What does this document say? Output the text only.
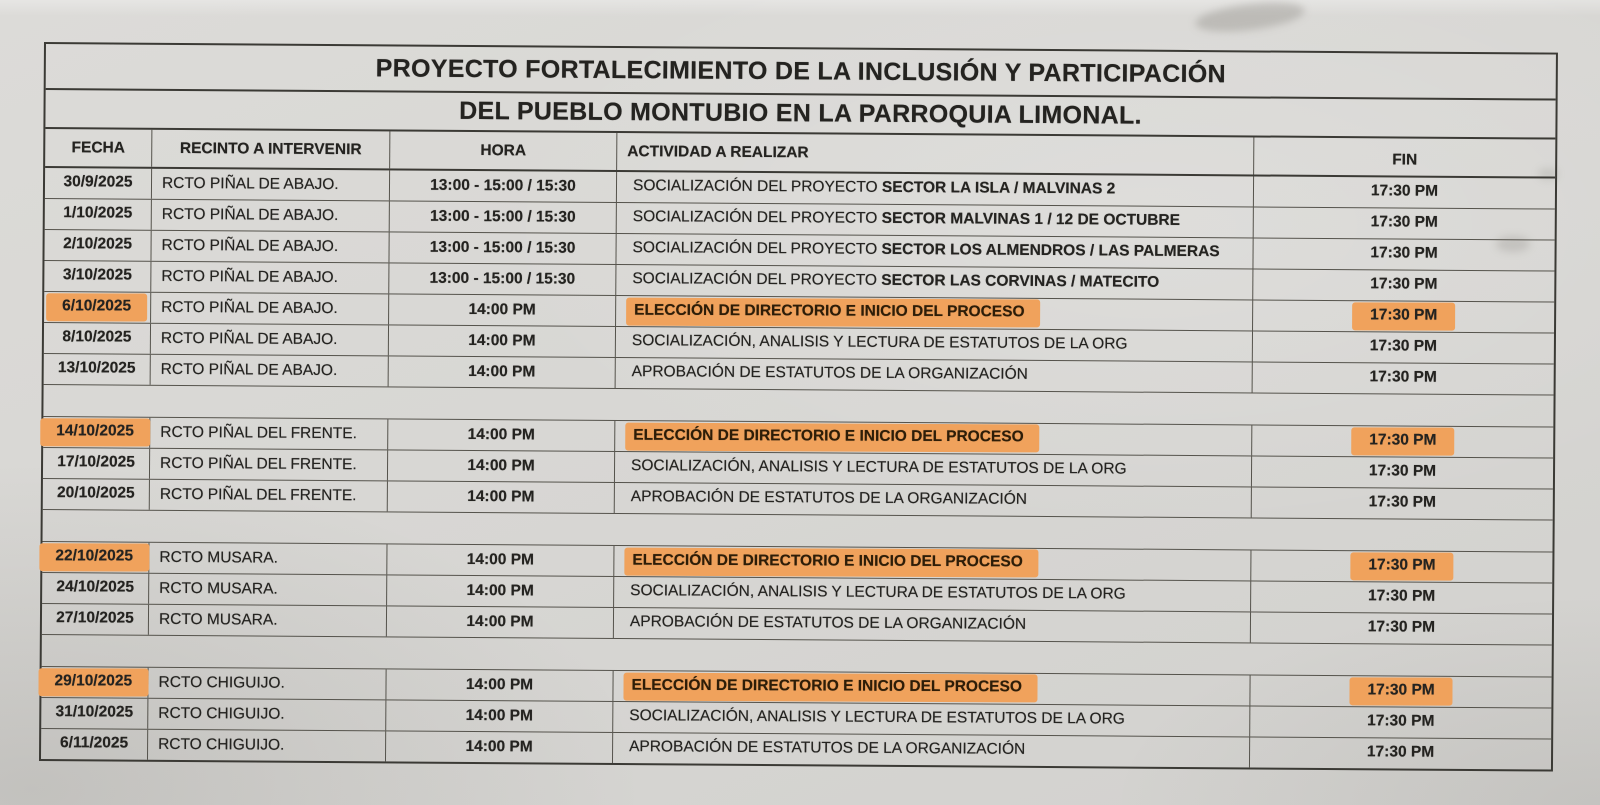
PROYECTO FORTALECIMIENTO DE LA INCLUSIÓN Y PARTICIPACIÓN
DEL PUEBLO MONTUBIO EN LA PARROQUIA LIMONAL.
FECHA	RECINTO A INTERVENIR	HORA	ACTIVIDAD A REALIZAR	FIN
30/9/2025	RCTO PIÑAL DE ABAJO.	13:00 - 15:00 / 15:30	SOCIALIZACIÓN DEL PROYECTO SECTOR LA ISLA / MALVINAS 2	17:30 PM
1/10/2025	RCTO PIÑAL DE ABAJO.	13:00 - 15:00 / 15:30	SOCIALIZACIÓN DEL PROYECTO SECTOR MALVINAS 1 / 12 DE OCTUBRE	17:30 PM
2/10/2025	RCTO PIÑAL DE ABAJO.	13:00 - 15:00 / 15:30	SOCIALIZACIÓN DEL PROYECTO SECTOR LOS ALMENDROS / LAS PALMERAS	17:30 PM
3/10/2025	RCTO PIÑAL DE ABAJO.	13:00 - 15:00 / 15:30	SOCIALIZACIÓN DEL PROYECTO SECTOR LAS CORVINAS / MATECITO	17:30 PM
6/10/2025	RCTO PIÑAL DE ABAJO.	14:00 PM	ELECCIÓN DE DIRECTORIO E INICIO DEL PROCESO	17:30 PM
8/10/2025	RCTO PIÑAL DE ABAJO.	14:00 PM	SOCIALIZACIÓN, ANALISIS Y LECTURA DE ESTATUTOS DE LA ORG	17:30 PM
13/10/2025	RCTO PIÑAL DE ABAJO.	14:00 PM	APROBACIÓN DE ESTATUTOS DE LA ORGANIZACIÓN	17:30 PM
14/10/2025	RCTO PIÑAL DEL FRENTE.	14:00 PM	ELECCIÓN DE DIRECTORIO E INICIO DEL PROCESO	17:30 PM
17/10/2025	RCTO PIÑAL DEL FRENTE.	14:00 PM	SOCIALIZACIÓN, ANALISIS Y LECTURA DE ESTATUTOS DE LA ORG	17:30 PM
20/10/2025	RCTO PIÑAL DEL FRENTE.	14:00 PM	APROBACIÓN DE ESTATUTOS DE LA ORGANIZACIÓN	17:30 PM
22/10/2025	RCTO MUSARA.	14:00 PM	ELECCIÓN DE DIRECTORIO E INICIO DEL PROCESO	17:30 PM
24/10/2025	RCTO MUSARA.	14:00 PM	SOCIALIZACIÓN, ANALISIS Y LECTURA DE ESTATUTOS DE LA ORG	17:30 PM
27/10/2025	RCTO MUSARA.	14:00 PM	APROBACIÓN DE ESTATUTOS DE LA ORGANIZACIÓN	17:30 PM
29/10/2025	RCTO CHIGUIJO.	14:00 PM	ELECCIÓN DE DIRECTORIO E INICIO DEL PROCESO	17:30 PM
31/10/2025	RCTO CHIGUIJO.	14:00 PM	SOCIALIZACIÓN, ANALISIS Y LECTURA DE ESTATUTOS DE LA ORG	17:30 PM
6/11/2025	RCTO CHIGUIJO.	14:00 PM	APROBACIÓN DE ESTATUTOS DE LA ORGANIZACIÓN	17:30 PM
